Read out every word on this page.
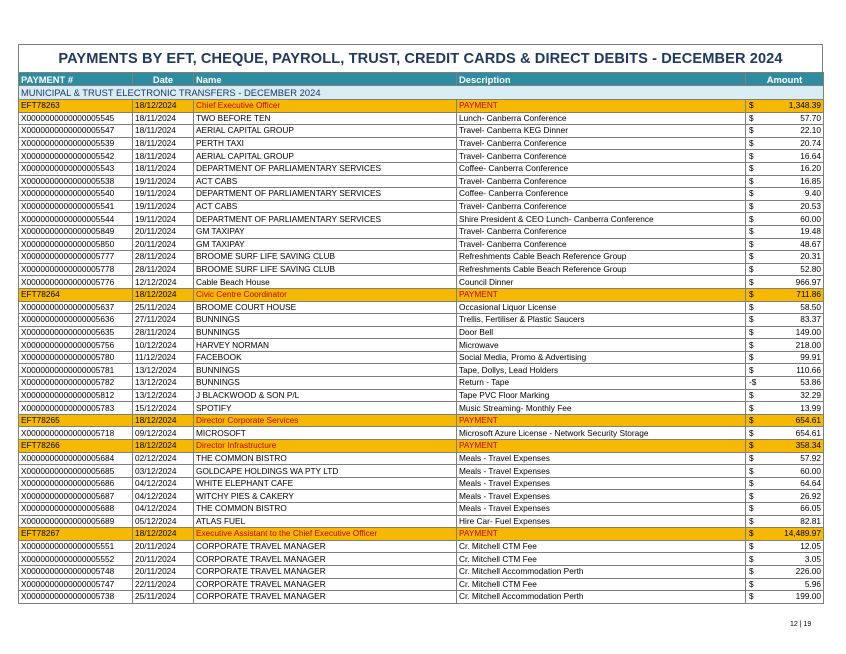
PAYMENTS BY EFT, CHEQUE, PAYROLL, TRUST, CREDIT CARDS & DIRECT DEBITS - DECEMBER 2024
PAYMENT #	Date	Name	Description	Amount
MUNICIPAL & TRUST ELECTRONIC TRANSFERS - DECEMBER 2024				
EFT78263	18/12/2024	Chief Executive Officer	PAYMENT	$ 1,348.39

X0000000000000005545	18/11/2024	TWO BEFORE TEN	Lunch- Canberra Conference	$ 57.70

X0000000000000005547	18/11/2024	AERIAL CAPITAL GROUP	Travel- Canberra KEG Dinner	$ 22.10

X0000000000000005539	18/11/2024	PERTH TAXI	Travel- Canberra Conference	$ 20.74

X0000000000000005542	18/11/2024	AERIAL CAPITAL GROUP	Travel- Canberra Conference	$ 16.64

X0000000000000005543	18/11/2024	DEPARTMENT OF PARLIAMENTARY SERVICES	Coffee- Canberra Conference	$ 16.20

X0000000000000005538	19/11/2024	ACT CABS	Travel- Canberra Conference	$ 16.85

X0000000000000005540	19/11/2024	DEPARTMENT OF PARLIAMENTARY SERVICES	Coffee- Canberra Conference	$ 9.40

X0000000000000005541	19/11/2024	ACT CABS	Travel- Canberra Conference	$ 20.53

X0000000000000005544	19/11/2024	DEPARTMENT OF PARLIAMENTARY SERVICES	Shire President & CEO Lunch- Canberra Conference	$ 60.00

X0000000000000005849	20/11/2024	GM TAXIPAY	Travel- Canberra Conference	$ 19.48

X0000000000000005850	20/11/2024	GM TAXIPAY	Travel- Canberra Conference	$ 48.67

X0000000000000005777	28/11/2024	BROOME SURF LIFE SAVING CLUB	Refreshments Cable Beach Reference Group	$ 20.31

X0000000000000005778	28/11/2024	BROOME SURF LIFE SAVING CLUB	Refreshments Cable Beach Reference Group	$ 52.80

X0000000000000005776	12/12/2024	Cable Beach House	Council Dinner	$ 966.97

EFT78264	18/12/2024	Civic Centre Coordinator	PAYMENT	$ 711.86

X0000000000000005637	25/11/2024	BROOME COURT HOUSE	Occasional Liquor License	$ 58.50

X0000000000000005636	27/11/2024	BUNNINGS	Trellis, Fertiliser & Plastic Saucers	$ 83.37

X0000000000000005635	28/11/2024	BUNNINGS	Door Bell	$ 149.00

X0000000000000005756	10/12/2024	HARVEY NORMAN	Microwave	$ 218.00

X0000000000000005780	11/12/2024	FACEBOOK	Social Media, Promo & Advertising	$ 99.91

X0000000000000005781	13/12/2024	BUNNINGS	Tape, Dollys, Lead Holders	$ 110.66

X0000000000000005782	13/12/2024	BUNNINGS	Return - Tape	-$ 53.86

X0000000000000005812	13/12/2024	J BLACKWOOD & SON P/L	Tape PVC Floor Marking	$ 32.29

X0000000000000005783	15/12/2024	SPOTIFY	Music Streaming- Monthly Fee	$ 13.99

EFT78265	18/12/2024	Director Corporate Services	PAYMENT	$ 654.61

X0000000000000005718	09/12/2024	MICROSOFT	Microsoft Azure License - Network Security Storage	$ 654.61

EFT78266	18/12/2024	Director Infrastructure	PAYMENT	$ 358.34

X0000000000000005684	02/12/2024	THE COMMON BISTRO	Meals - Travel Expenses	$ 57.92

X0000000000000005685	03/12/2024	GOLDCAPE HOLDINGS WA PTY LTD	Meals - Travel Expenses	$ 60.00

X0000000000000005686	04/12/2024	WHITE ELEPHANT CAFE	Meals - Travel Expenses	$ 64.64

X0000000000000005687	04/12/2024	WITCHY PIES & CAKERY	Meals - Travel Expenses	$ 26.92

X0000000000000005688	04/12/2024	THE COMMON BISTRO	Meals - Travel Expenses	$ 66.05

X0000000000000005689	05/12/2024	ATLAS FUEL	Hire Car- Fuel Expenses	$ 82.81

EFT78267	18/12/2024	Executive Assistant to the Chief Executive Officer	PAYMENT	$ 14,489.97

X0000000000000005551	20/11/2024	CORPORATE TRAVEL MANAGER	Cr. Mitchell CTM Fee	$ 12.05

X0000000000000005552	20/11/2024	CORPORATE TRAVEL MANAGER	Cr. Mitchell CTM Fee	$ 3.05

X0000000000000005748	20/11/2024	CORPORATE TRAVEL MANAGER	Cr. Mitchell Accommodation Perth	$ 226.00

X0000000000000005747	22/11/2024	CORPORATE TRAVEL MANAGER	Cr. Mitchell CTM Fee	$ 5.96

X0000000000000005738	25/11/2024	CORPORATE TRAVEL MANAGER	Cr. Mitchell Accommodation Perth	$ 199.00
12 | 19
